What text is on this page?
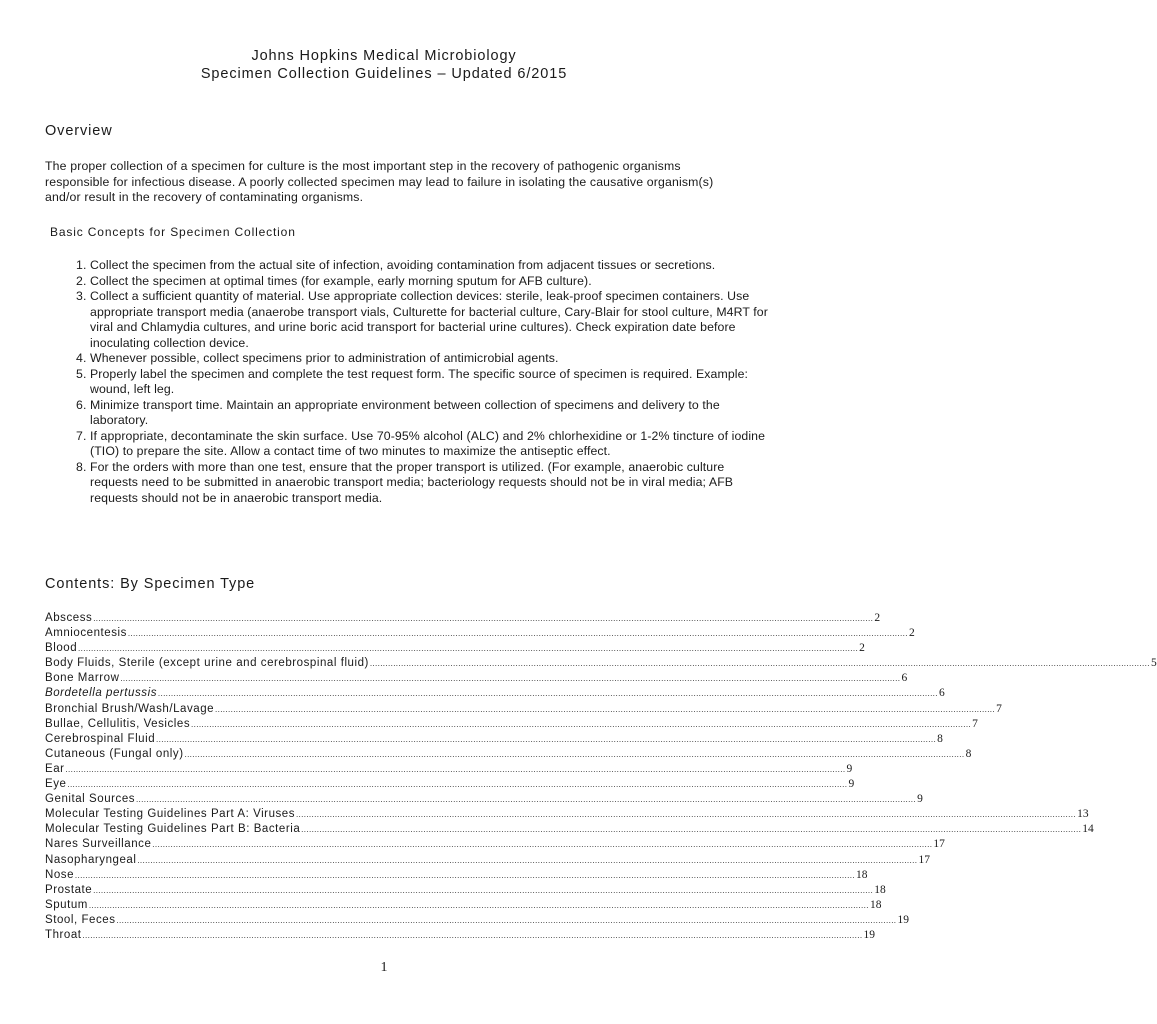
Johns Hopkins Medical Microbiology
Specimen Collection Guidelines – Updated 6/2015
Overview
The proper collection of a specimen for culture is the most important step in the recovery of pathogenic organisms responsible for infectious disease. A poorly collected specimen may lead to failure in isolating the causative organism(s) and/or result in the recovery of contaminating organisms.
Basic Concepts for Specimen Collection
1. Collect the specimen from the actual site of infection, avoiding contamination from adjacent tissues or secretions.
2. Collect the specimen at optimal times (for example, early morning sputum for AFB culture).
3. Collect a sufficient quantity of material. Use appropriate collection devices: sterile, leak-proof specimen containers. Use appropriate transport media (anaerobe transport vials, Culturette for bacterial culture, Cary-Blair for stool culture, M4RT for viral and Chlamydia cultures, and urine boric acid transport for bacterial urine cultures). Check expiration date before inoculating collection device.
4. Whenever possible, collect specimens prior to administration of antimicrobial agents.
5. Properly label the specimen and complete the test request form. The specific source of specimen is required. Example: wound, left leg.
6. Minimize transport time. Maintain an appropriate environment between collection of specimens and delivery to the laboratory.
7. If appropriate, decontaminate the skin surface. Use 70-95% alcohol (ALC) and 2% chlorhexidine or 1-2% tincture of iodine (TIO) to prepare the site. Allow a contact time of two minutes to maximize the antiseptic effect.
8. For the orders with more than one test, ensure that the proper transport is utilized. (For example, anaerobic culture requests need to be submitted in anaerobic transport media; bacteriology requests should not be in viral media; AFB requests should not be in anaerobic transport media.
Contents: By Specimen Type
Abscess ............................................................................................................................................................................................................................................................................................................ 2
Amniocentesis ............................................................................................................................................................................................................................................................................................................ 2
Blood ............................................................................................................................................................................................................................................................................................................ 2
Body Fluids, Sterile (except urine and cerebrospinal fluid) ............................................................................................................................................................................................................................................................................................................ 5
Bone Marrow ............................................................................................................................................................................................................................................................................................................ 6
Bordetella pertussis ............................................................................................................................................................................................................................................................................................................ 6
Bronchial Brush/Wash/Lavage ............................................................................................................................................................................................................................................................................................................ 7
Bullae, Cellulitis, Vesicles ............................................................................................................................................................................................................................................................................................................ 7
Cerebrospinal Fluid ............................................................................................................................................................................................................................................................................................................ 8
Cutaneous (Fungal only) ............................................................................................................................................................................................................................................................................................................ 8
Ear ............................................................................................................................................................................................................................................................................................................ 9
Eye ............................................................................................................................................................................................................................................................................................................ 9
Genital Sources ............................................................................................................................................................................................................................................................................................................ 9
Molecular Testing Guidelines Part A: Viruses ............................................................................................................................................................................................................................................................................................................ 13
Molecular Testing Guidelines Part B: Bacteria ............................................................................................................................................................................................................................................................................................................ 14
Nares Surveillance ............................................................................................................................................................................................................................................................................................................ 17
Nasopharyngeal ............................................................................................................................................................................................................................................................................................................ 17
Nose ............................................................................................................................................................................................................................................................................................................ 18
Prostate ............................................................................................................................................................................................................................................................................................................ 18
Sputum ............................................................................................................................................................................................................................................................................................................ 18
Stool, Feces ............................................................................................................................................................................................................................................................................................................ 19
Throat ............................................................................................................................................................................................................................................................................................................ 19
1
